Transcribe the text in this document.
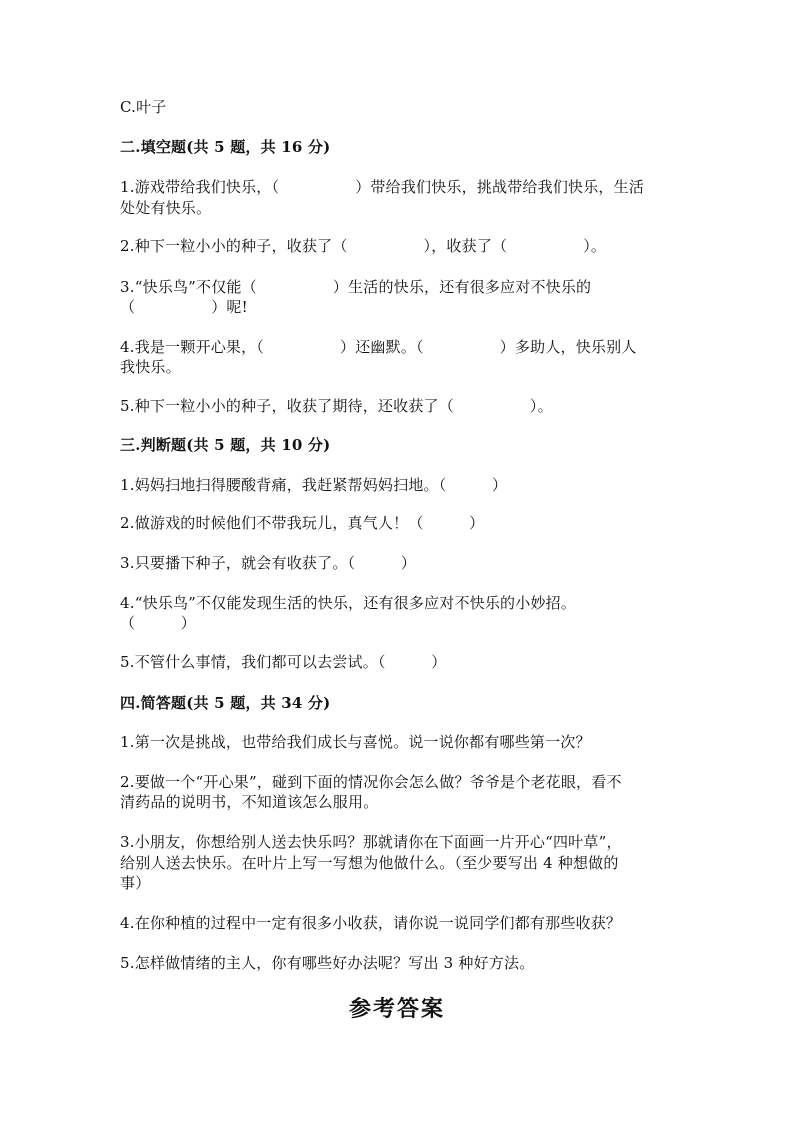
C.叶子
二.填空题(共 5 题，共 16 分)
1.游戏带给我们快乐，（　　　　　）带给我们快乐，挑战带给我们快乐，生活
处处有快乐。
2.种下一粒小小的种子，收获了（　　　　　），收获了（　　　　　）。
3.“快乐鸟”不仅能（　　　　　）生活的快乐，还有很多应对不快乐的
（　　　　　）呢!
4.我是一颗开心果，（　　　　　）还幽默。（　　　　　）多助人，快乐别人
我快乐。
5.种下一粒小小的种子，收获了期待，还收获了（　　　　　）。
三.判断题(共 5 题，共 10 分)
1.妈妈扫地扫得腰酸背痛，我赶紧帮妈妈扫地。（　　　）
2.做游戏的时候他们不带我玩儿，真气人！（　　　）
3.只要播下种子，就会有收获了。（　　　）
4.“快乐鸟”不仅能发现生活的快乐，还有很多应对不快乐的小妙招。
（　　　）
5.不管什么事情，我们都可以去尝试。（　　　）
四.简答题(共 5 题，共 34 分)
1.第一次是挑战，也带给我们成长与喜悦。说一说你都有哪些第一次？
2.要做一个“开心果”，碰到下面的情况你会怎么做？爷爷是个老花眼，看不
清药品的说明书，不知道该怎么服用。
3.小朋友，你想给别人送去快乐吗？那就请你在下面画一片开心“四叶草”，
给别人送去快乐。在叶片上写一写想为他做什么。（至少要写出 4 种想做的
事）
4.在你种植的过程中一定有很多小收获，请你说一说同学们都有那些收获？
5.怎样做情绪的主人，你有哪些好办法呢？写出 3 种好方法。
参考答案
